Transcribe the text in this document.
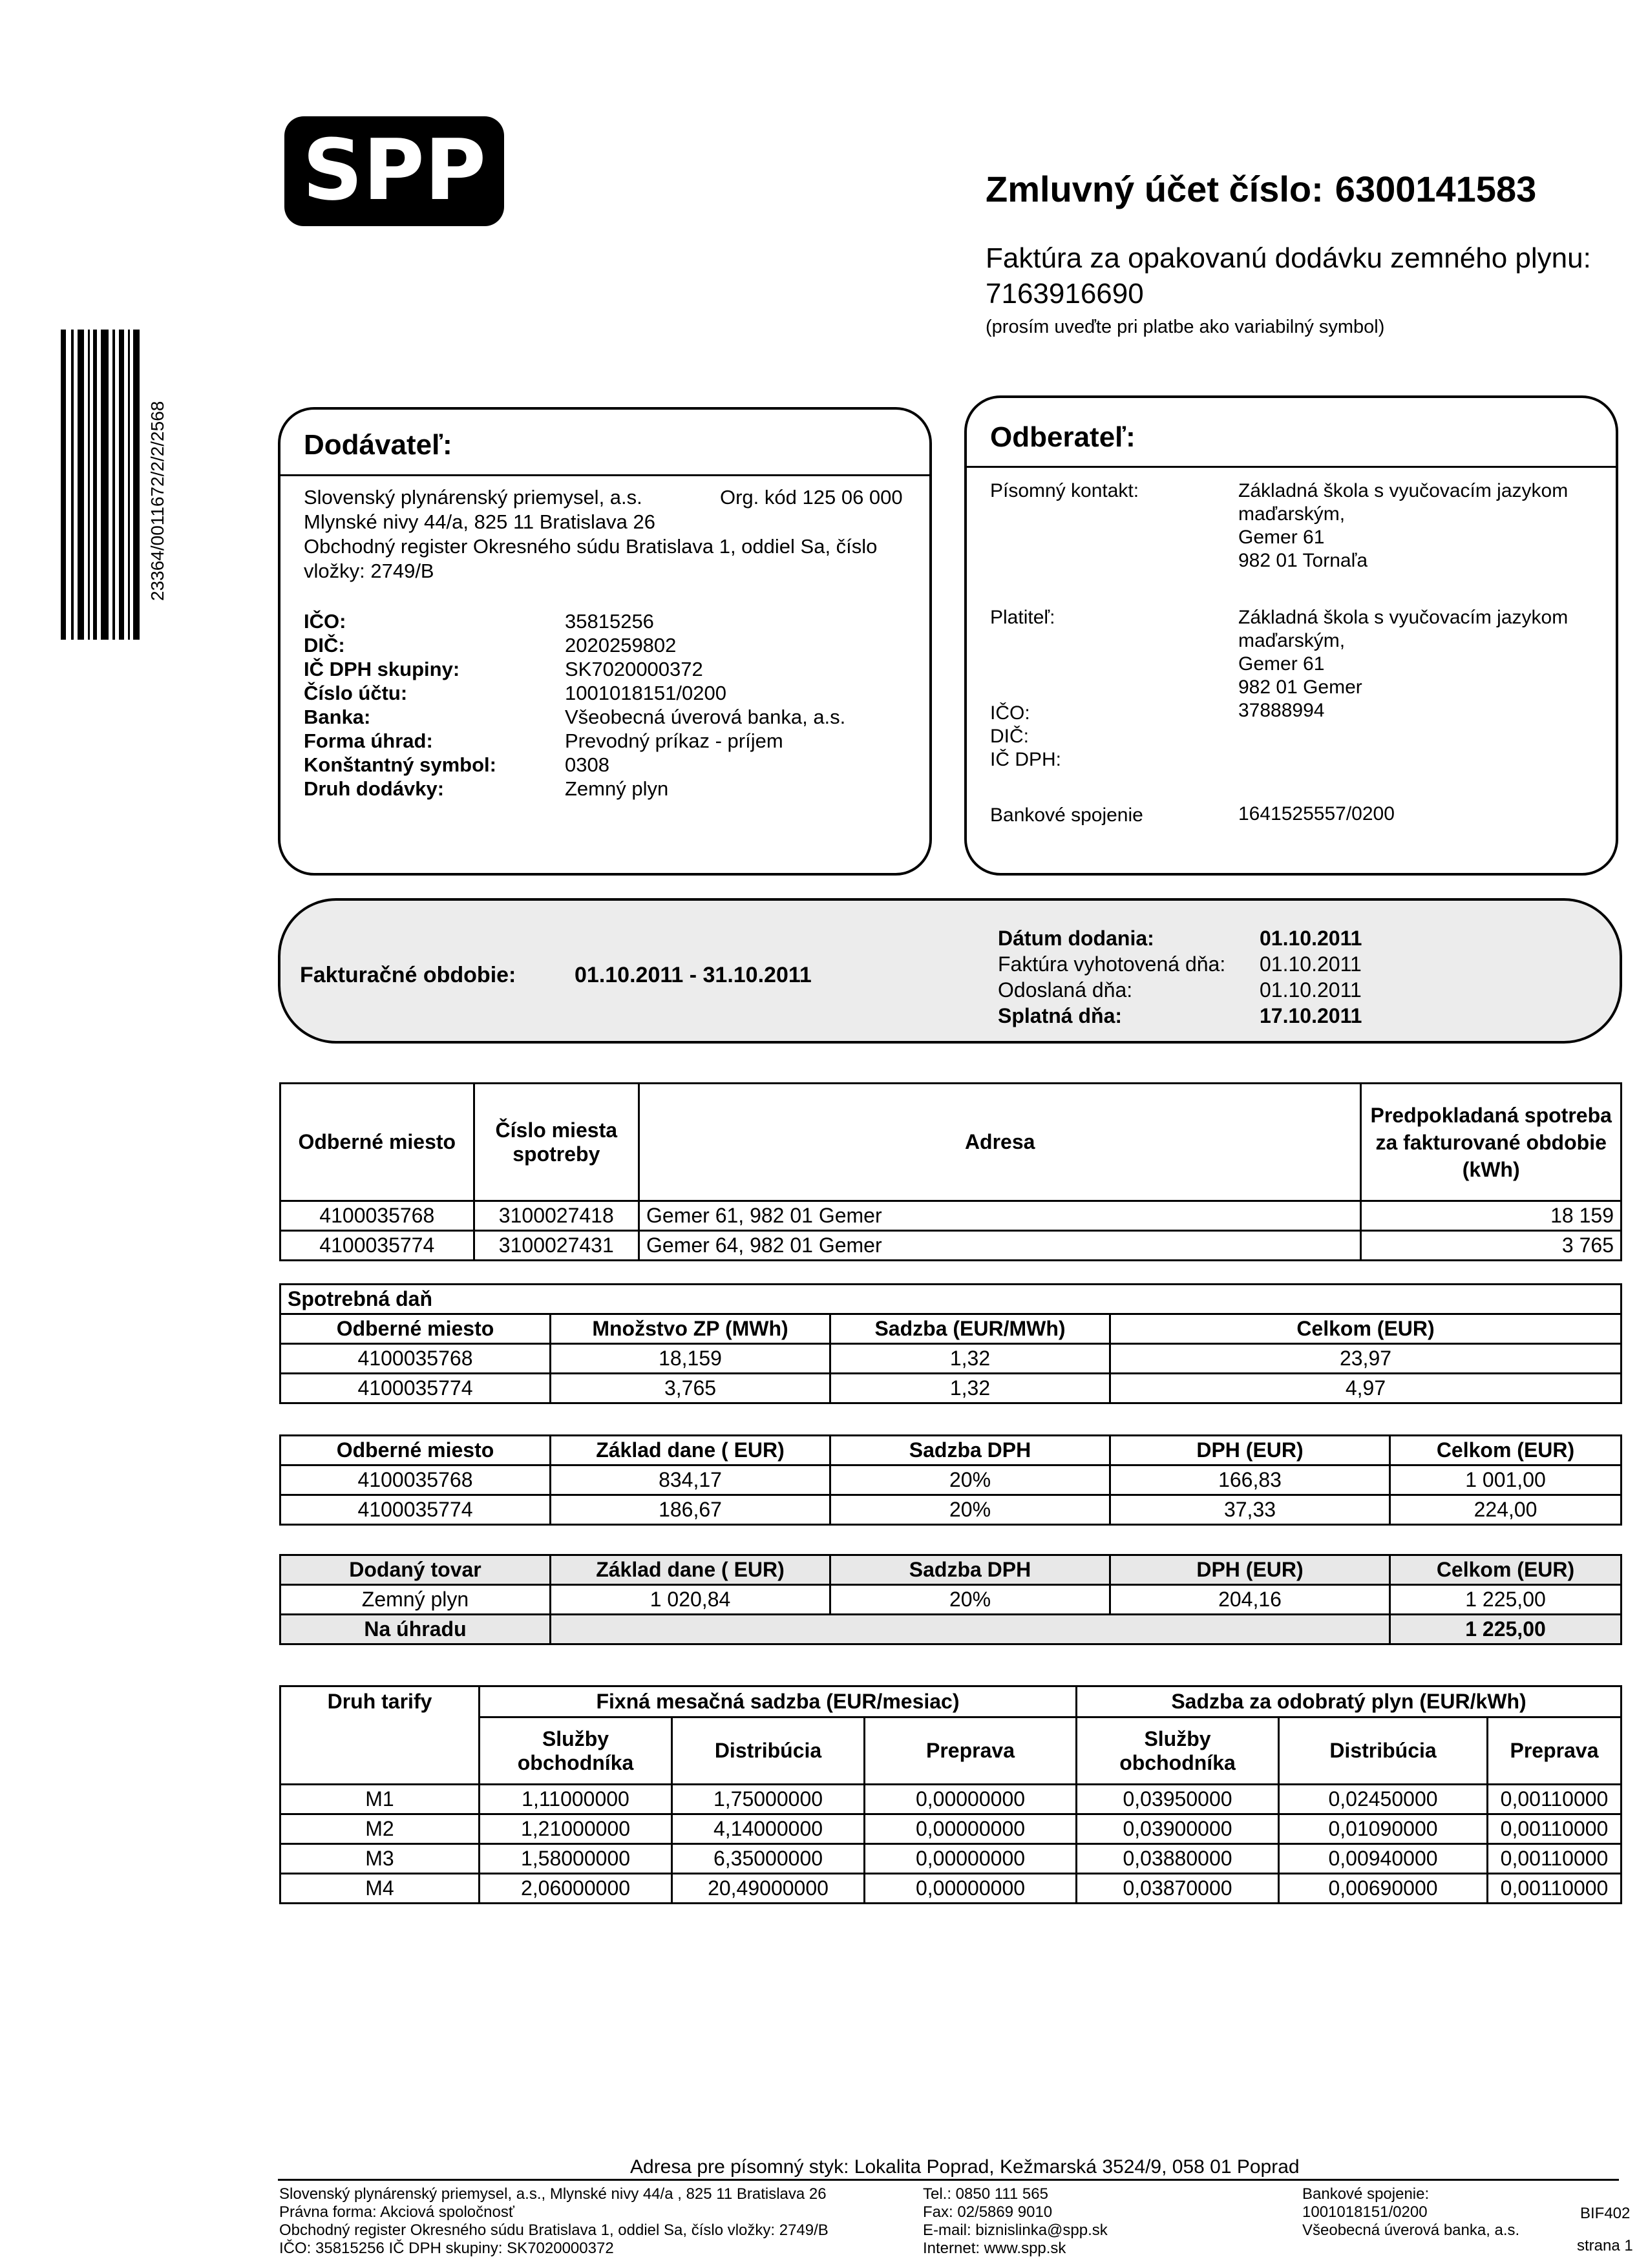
SPP
23364/0011672/2/2/2568
Zmluvný účet číslo: 6300141583
Faktúra za opakovanú dodávku zemného plynu:
7163916690
(prosím uveďte pri platbe ako variabilný symbol)
Dodávateľ:
Slovenský plynárenský priemysel, a.s.	Org. kód 125 06 000
Mlynské nivy 44/a, 825 11 Bratislava 26
Obchodný register Okresného súdu Bratislava 1, oddiel Sa, číslo
vložky: 2749/B
IČO:	35815256
DIČ:	2020259802
IČ DPH skupiny:	SK7020000372
Číslo účtu:	1001018151/0200
Banka:	Všeobecná úverová banka, a.s.
Forma úhrad:	Prevodný príkaz - príjem
Konštantný symbol:	0308
Druh dodávky:	Zemný plyn
Odberateľ:
Písomný kontakt:	Základná škola s vyučovacím jazykom
maďarským,
Gemer 61
982 01 Tornaľa
Platiteľ:	Základná škola s vyučovacím jazykom
maďarským,
Gemer 61
982 01 Gemer
IČO:	37888994
DIČ:
IČ DPH:
Bankové spojenie	1641525557/0200
Fakturačné obdobie:	01.10.2011 - 31.10.2011
Dátum dodania:	01.10.2011
Faktúra vyhotovená dňa: 01.10.2011
Odoslaná dňa:	01.10.2011
Splatná dňa:	17.10.2011
Odberné miesto	Číslo miesta spotreby	Adresa	Predpokladaná spotreba za fakturované obdobie (kWh)
4100035768	3100027418	Gemer 61, 982 01 Gemer	18 159
4100035774	3100027431	Gemer 64, 982 01 Gemer	3 765
Spotrebná daň			
Odberné miesto	Množstvo ZP (MWh)	Sadzba (EUR/MWh)	Celkom (EUR)
4100035768	18,159	1,32	23,97
4100035774	3,765	1,32	4,97
Odberné miesto	Základ dane ( EUR)	Sadzba DPH	DPH (EUR)	Celkom (EUR)
4100035768	834,17	20%	166,83	1 001,00
4100035774	186,67	20%	37,33	224,00
Dodaný tovar	Základ dane ( EUR)	Sadzba DPH	DPH (EUR)	Celkom (EUR)
Zemný plyn	1 020,84	20%	204,16	1 225,00
Na úhradu				1 225,00
Druh tarify	Fixná mesačná sadzba (EUR/mesiac)			Sadzba za odobratý plyn (EUR/kWh)		
	Služby obchodníka	Distribúcia	Preprava	Služby obchodníka	Distribúcia	Preprava
M1	1,11000000	1,75000000	0,00000000	0,03950000	0,02450000	0,00110000
M2	1,21000000	4,14000000	0,00000000	0,03900000	0,01090000	0,00110000
M3	1,58000000	6,35000000	0,00000000	0,03880000	0,00940000	0,00110000
M4	2,06000000	20,49000000	0,00000000	0,03870000	0,00690000	0,00110000
Adresa pre písomný styk: Lokalita Poprad, Kežmarská 3524/9, 058 01 Poprad
Slovenský plynárenský priemysel, a.s., Mlynské nivy 44/a , 825 11 Bratislava 26
Právna forma: Akciová spoločnosť
Obchodný register Okresného súdu Bratislava 1, oddiel Sa, číslo vložky: 2749/B
IČO: 35815256 IČ DPH skupiny: SK7020000372
Tel.: 0850 111 565
Fax: 02/5869 9010
E-mail: biznislinka@spp.sk
Internet: www.spp.sk
Bankové spojenie:
1001018151/0200
Všeobecná úverová banka, a.s.
BIF402
strana 1
